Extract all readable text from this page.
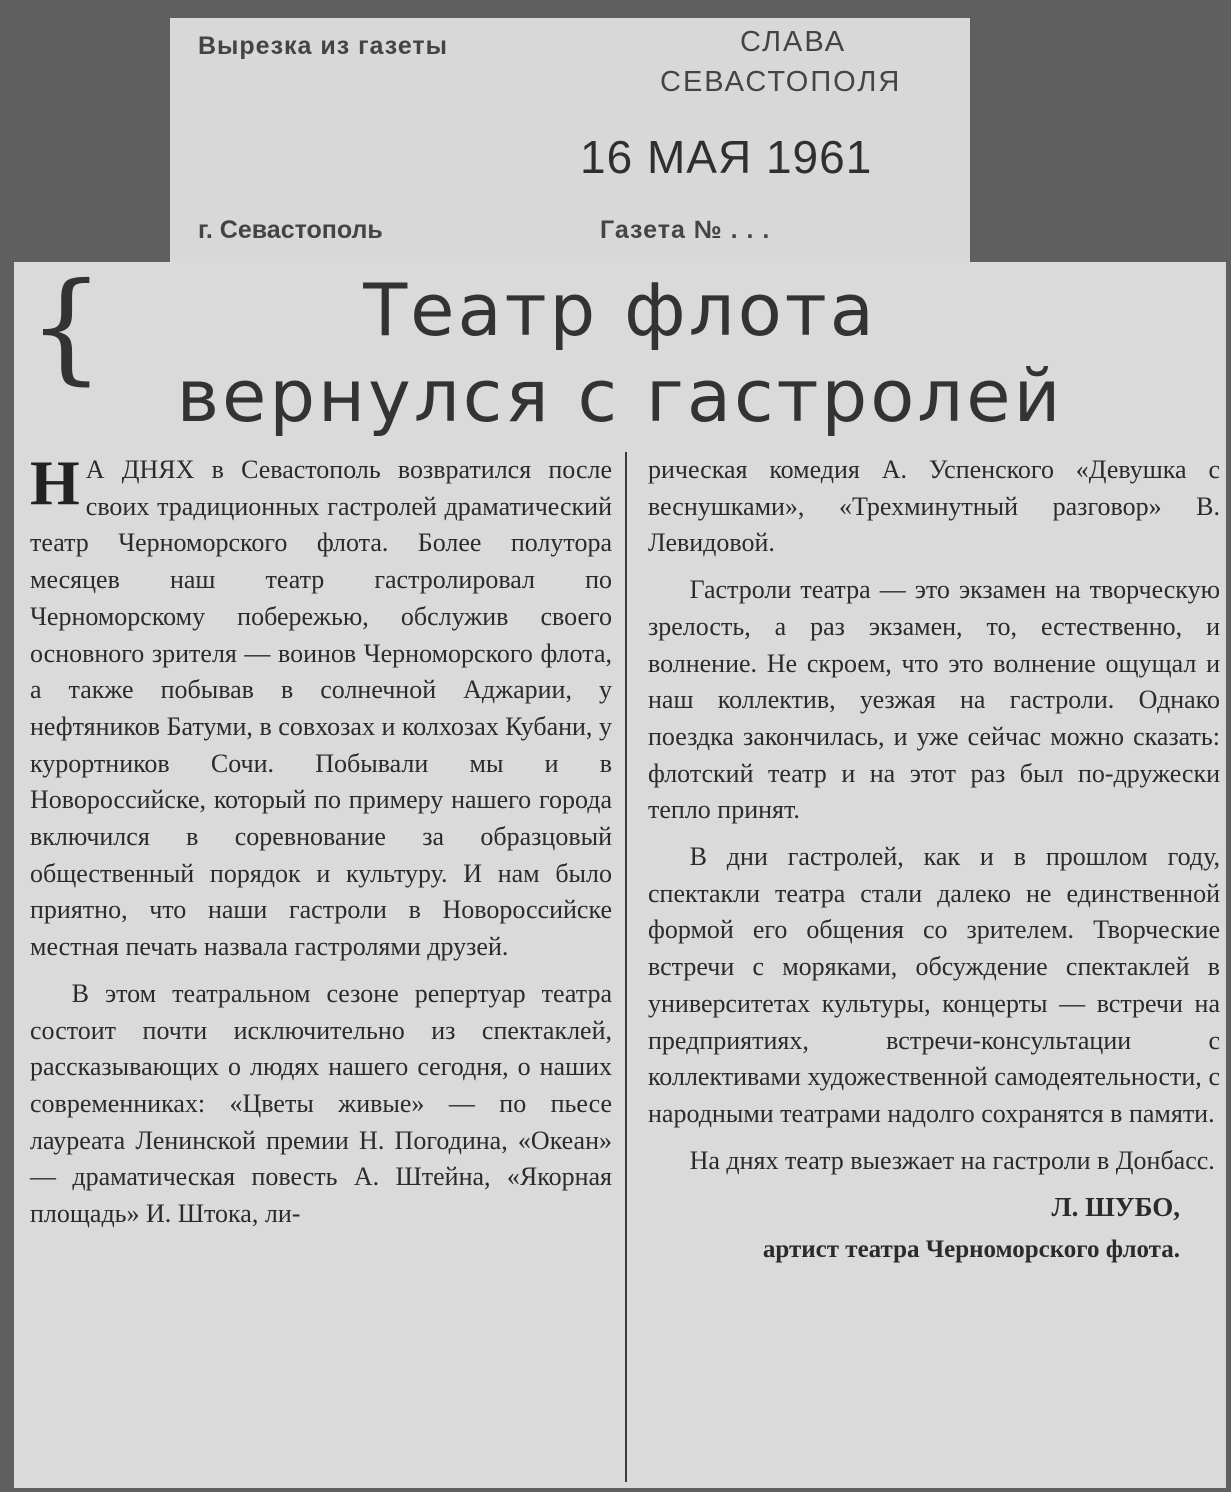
Вырезка из газеты	СЛАВА
СЕВАСТОПОЛЯ
16 МАЯ 1961
г. Севастополь	Газета № . . .
{	Театр флота
вернулся с гастролей

Н А ДНЯХ в Севастополь возвратился после своих традиционных гастролей драматический театр Черноморского флота. Более полутора месяцев наш театр гастролировал по Черноморскому побережью, обслужив своего основного зрителя — воинов Черноморского флота, а также побывав в солнечной Аджарии, у нефтяников Батуми, в совхозах и колхозах Кубани, у курортников Сочи. Побывали мы и в Новороссийске, который по примеру нашего города включился в соревнование за образцовый общественный порядок и культуру. И нам было приятно, что наши гастроли в Новороссийске местная печать назвала гастролями друзей.

В этом театральном сезоне репертуар театра состоит почти исключительно из спектаклей, рассказывающих о людях нашего сегодня, о наших современниках: «Цветы живые» — по пьесе лауреата Ленинской премии Н. Погодина, «Океан» — драматическая повесть А. Штейна, «Якорная площадь» И. Штока, ли-

рическая комедия А. Успенского «Девушка с веснушками», «Трехминутный разговор» В. Левидовой.

Гастроли театра — это экзамен на творческую зрелость, а раз экзамен, то, естественно, и волнение. Не скроем, что это волнение ощущал и наш коллектив, уезжая на гастроли. Однако поездка закончилась, и уже сейчас можно сказать: флотский театр и на этот раз был по-дружески тепло принят.

В дни гастролей, как и в прошлом году, спектакли театра стали далеко не единственной формой его общения со зрителем. Творческие встречи с моряками, обсуждение спектаклей в университетах культуры, концерты — встречи на предприятиях, встречи-консультации с коллективами художественной самодеятельности, с народными театрами надолго сохранятся в памяти.

На днях театр выезжает на гастроли в Донбасс.

Л. ШУБО,
артист театра Черноморского флота.
